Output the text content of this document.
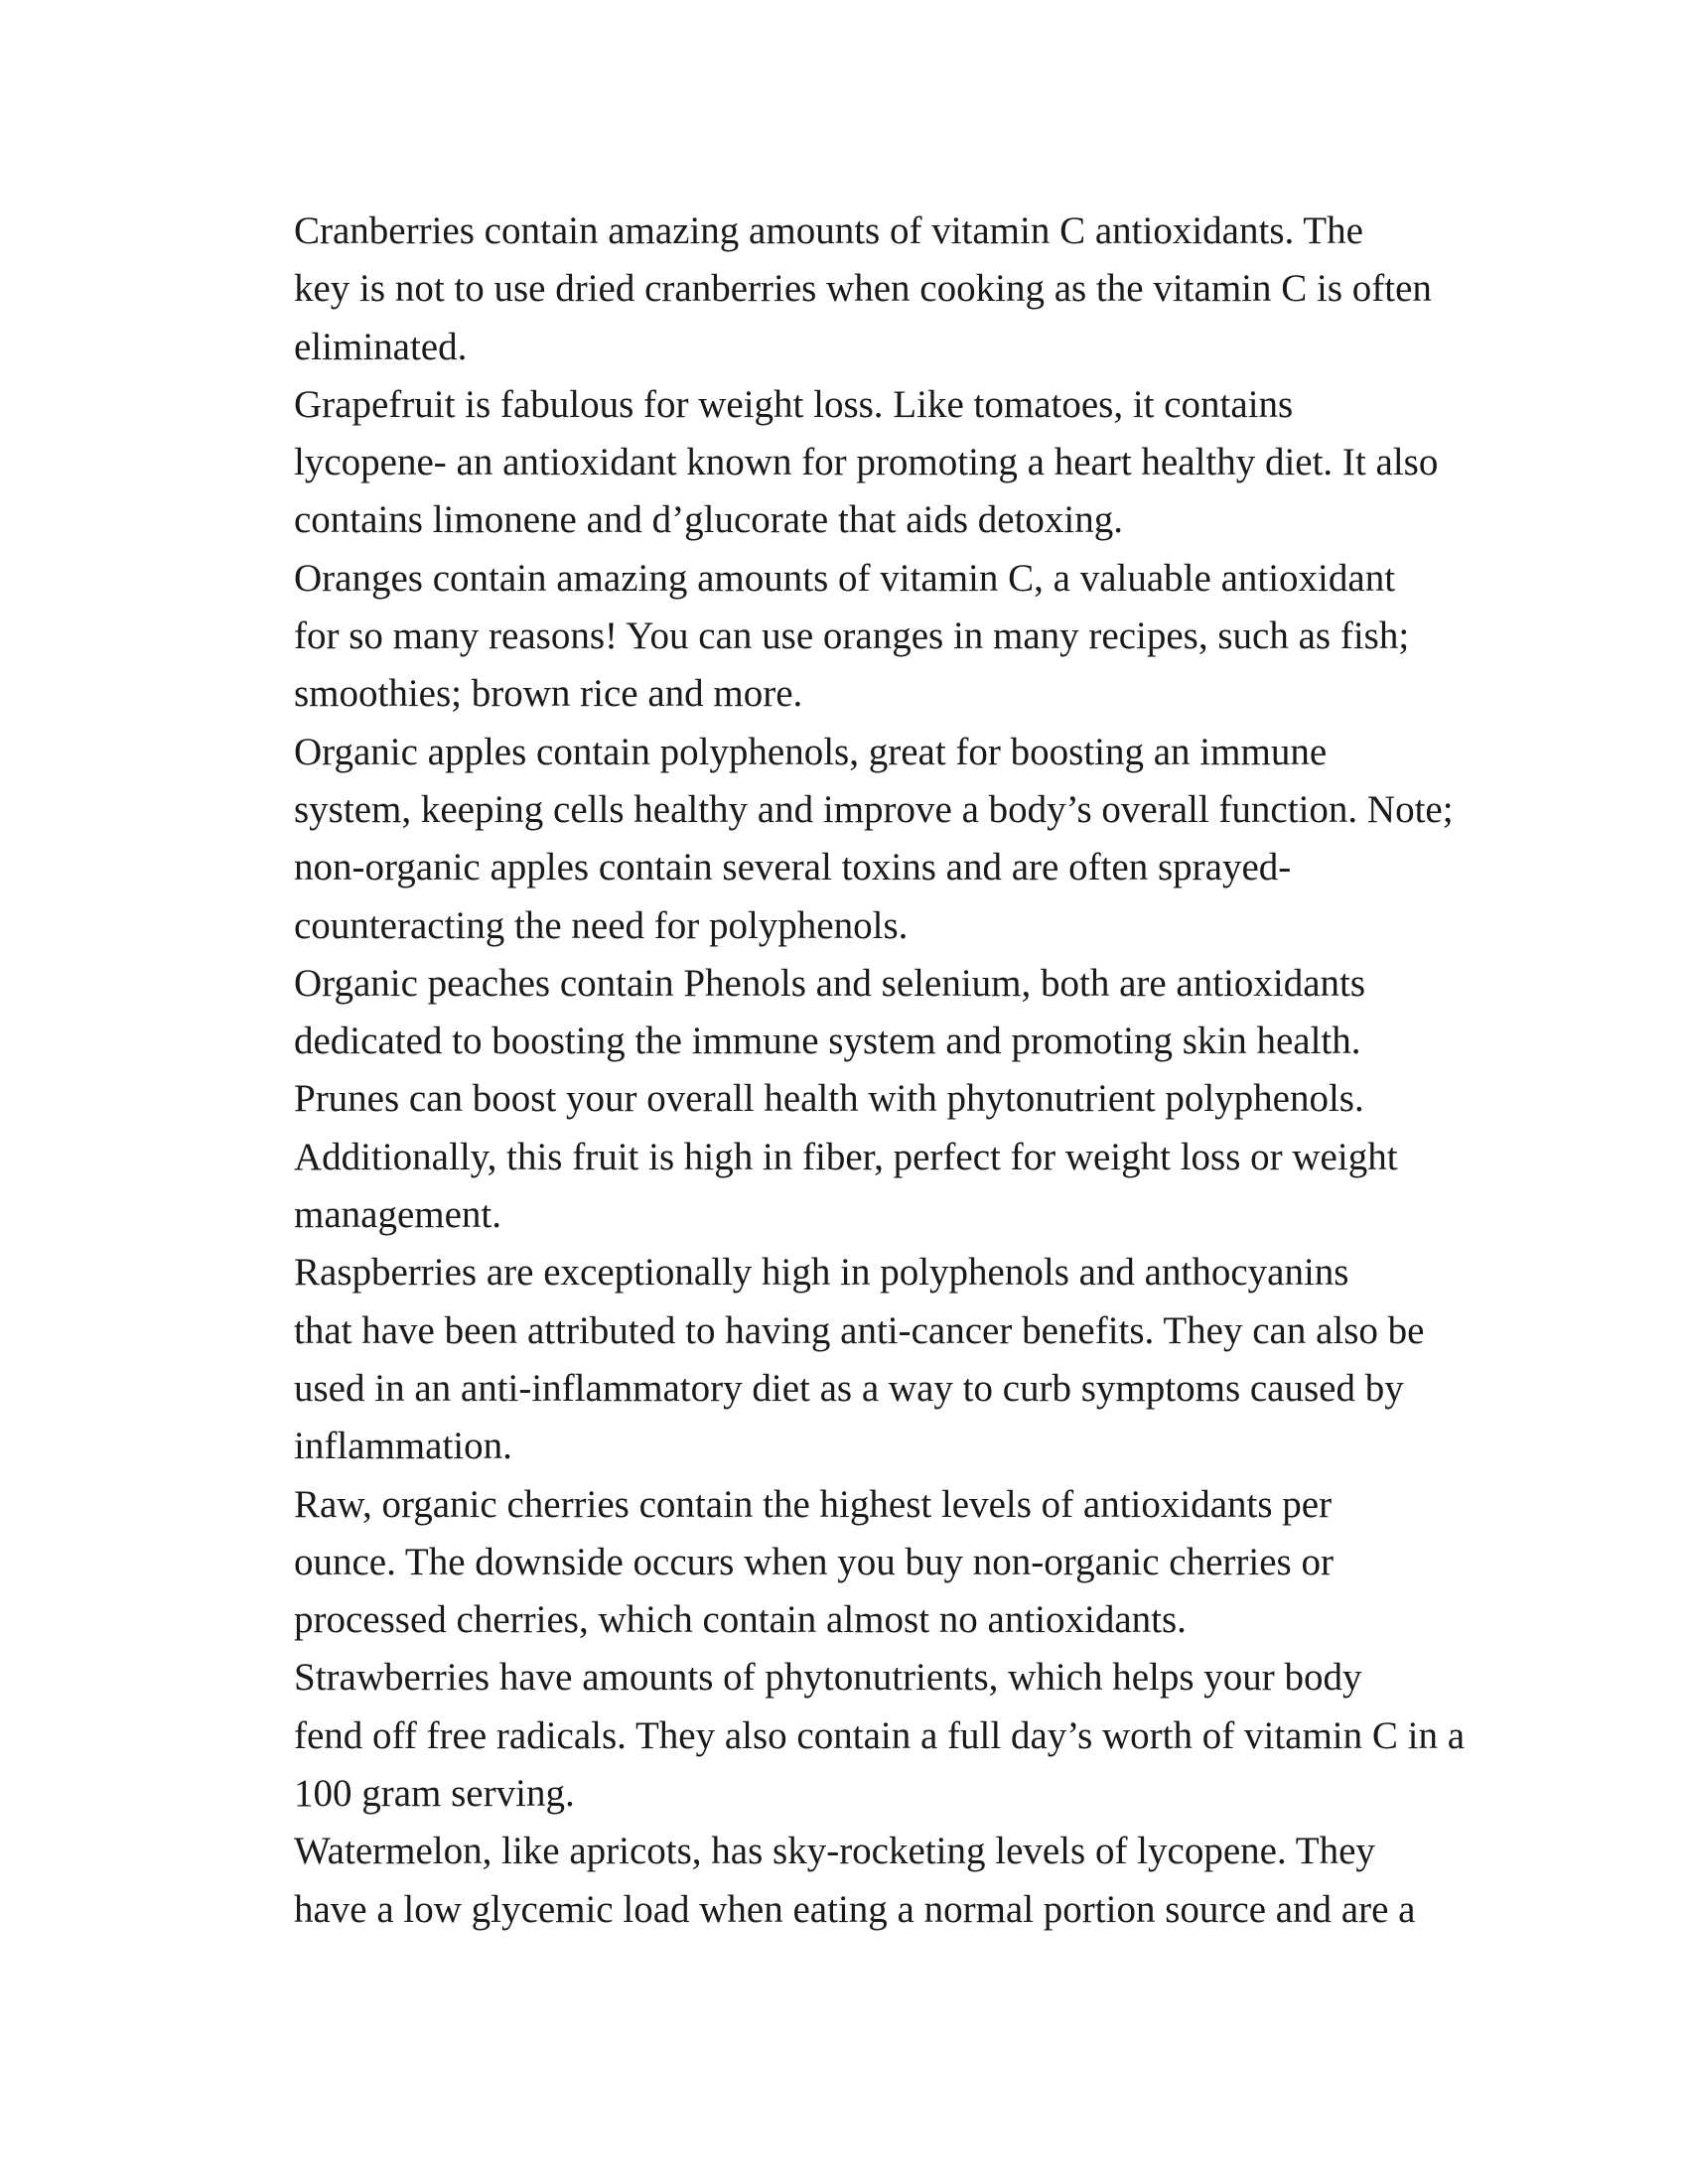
Cranberries contain amazing amounts of vitamin C antioxidants. The
key is not to use dried cranberries when cooking as the vitamin C is often
eliminated.

Grapefruit is fabulous for weight loss. Like tomatoes, it contains
lycopene- an antioxidant known for promoting a heart healthy diet. It also
contains limonene and d’glucorate that aids detoxing.

Oranges contain amazing amounts of vitamin C, a valuable antioxidant
for so many reasons! You can use oranges in many recipes, such as fish;
smoothies; brown rice and more.

Organic apples contain polyphenols, great for boosting an immune
system, keeping cells healthy and improve a body’s overall function. Note;
non-organic apples contain several toxins and are often sprayed-
counteracting the need for polyphenols.

Organic peaches contain Phenols and selenium, both are antioxidants
dedicated to boosting the immune system and promoting skin health.

Prunes can boost your overall health with phytonutrient polyphenols.
Additionally, this fruit is high in fiber, perfect for weight loss or weight
management.

Raspberries are exceptionally high in polyphenols and anthocyanins
that have been attributed to having anti-cancer benefits. They can also be
used in an anti-inflammatory diet as a way to curb symptoms caused by
inflammation.

Raw, organic cherries contain the highest levels of antioxidants per
ounce. The downside occurs when you buy non-organic cherries or
processed cherries, which contain almost no antioxidants.

Strawberries have amounts of phytonutrients, which helps your body
fend off free radicals. They also contain a full day’s worth of vitamin C in a
100 gram serving.

Watermelon, like apricots, has sky-rocketing levels of lycopene. They
have a low glycemic load when eating a normal portion source and are a
